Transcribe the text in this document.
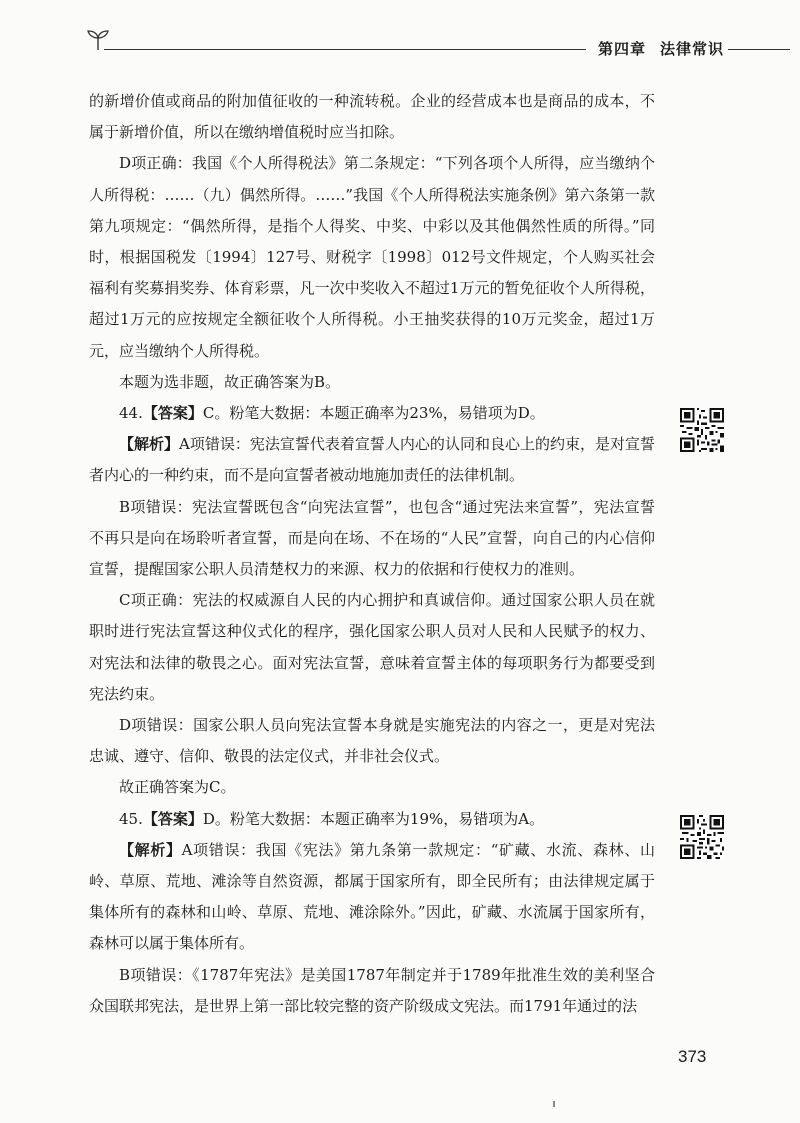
第四章 法律常识

的新增价值或商品的附加值征收的一种流转税。企业的经营成本也是商品的成本，不属于新增价值，所以在缴纳增值税时应当扣除。

D项正确：我国《个人所得税法》第二条规定：“下列各项个人所得，应当缴纳个人所得税：……（九）偶然所得。……”我国《个人所得税法实施条例》第六条第一款第九项规定：“偶然所得，是指个人得奖、中奖、中彩以及其他偶然性质的所得。”同时，根据国税发〔1994〕127号、财税字〔1998〕012号文件规定，个人购买社会福利有奖募捐奖券、体育彩票，凡一次中奖收入不超过1万元的暂免征收个人所得税，超过1万元的应按规定全额征收个人所得税。小王抽奖获得的10万元奖金，超过1万元，应当缴纳个人所得税。

本题为选非题，故正确答案为B。

44.【答案】C。粉笔大数据：本题正确率为23%，易错项为D。

【解析】A项错误：宪法宣誓代表着宣誓人内心的认同和良心上的约束，是对宣誓者内心的一种约束，而不是向宣誓者被动地施加责任的法律机制。

B项错误：宪法宣誓既包含“向宪法宣誓”，也包含“通过宪法来宣誓”，宪法宣誓不再只是向在场聆听者宣誓，而是向在场、不在场的“人民”宣誓，向自己的内心信仰宣誓，提醒国家公职人员清楚权力的来源、权力的依据和行使权力的准则。

C项正确：宪法的权威源自人民的内心拥护和真诚信仰。通过国家公职人员在就职时进行宪法宣誓这种仪式化的程序，强化国家公职人员对人民和人民赋予的权力、对宪法和法律的敬畏之心。面对宪法宣誓，意味着宣誓主体的每项职务行为都要受到宪法约束。

D项错误：国家公职人员向宪法宣誓本身就是实施宪法的内容之一，更是对宪法忠诚、遵守、信仰、敬畏的法定仪式，并非社会仪式。

故正确答案为C。

45.【答案】D。粉笔大数据：本题正确率为19%，易错项为A。

【解析】A项错误：我国《宪法》第九条第一款规定：“矿藏、水流、森林、山岭、草原、荒地、滩涂等自然资源，都属于国家所有，即全民所有；由法律规定属于集体所有的森林和山岭、草原、荒地、滩涂除外。”因此，矿藏、水流属于国家所有，森林可以属于集体所有。

B项错误：《1787年宪法》是美国1787年制定并于1789年批准生效的美利坚合众国联邦宪法，是世界上第一部比较完整的资产阶级成文宪法。而1791年通过的法

373
